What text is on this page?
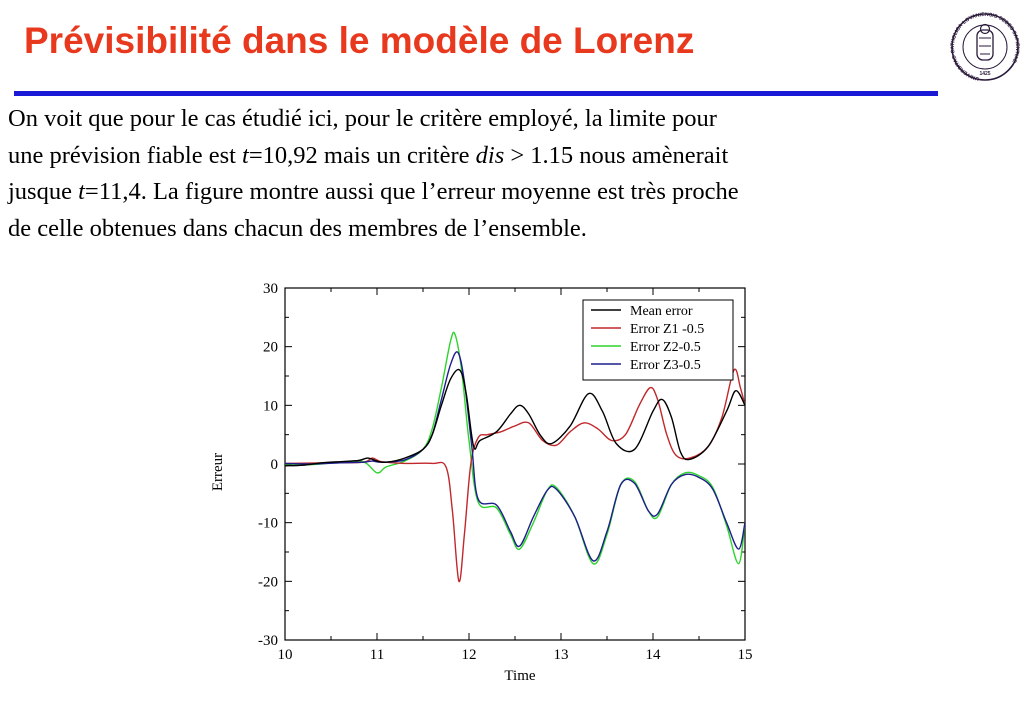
Prévisibilité dans le modèle de Lorenz
UNIVERSITAS·CATHOLICA·LOVANIENSIS·SEDES SAPIENTIAE
1425

On voit que pour le cas étudié ici, pour le critère employé, la limite pour

une prévision fiable est t=10,92 mais un critère dis > 1.15 nous amènerait

jusque t=11,4. La figure montre aussi que l’erreur moyenne est très proche

de celle obtenues dans chacun des membres de l’ensemble.

10	11	12	13	14	15
30
20
10
0
-10
-20
-30
Time
Erreur
Mean error
Error Z1 -0.5
Error Z2-0.5
Error Z3-0.5
